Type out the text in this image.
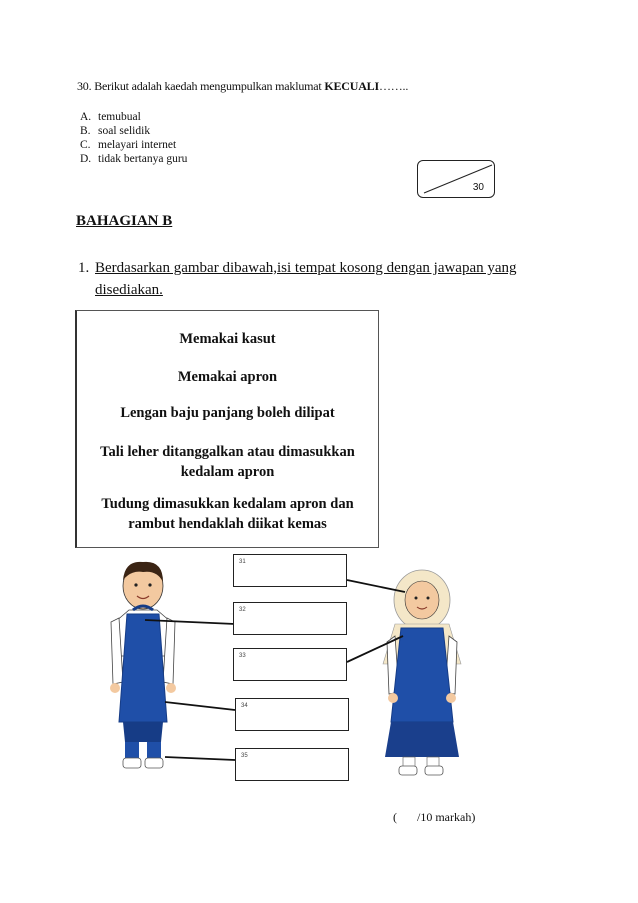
30. Berikut adalah kaedah mengumpulkan maklumat KECUALI……..
A. temubual
B. soal selidik
C. melayari internet
D. tidak bertanya guru
30
BAHAGIAN B
1. Berdasarkan gambar dibawah,isi tempat kosong dengan jawapan yang disediakan.
Memakai kasut
Memakai apron
Lengan baju panjang boleh dilipat
Tali leher ditanggalkan atau dimasukkan kedalam apron
Tudung dimasukkan kedalam apron dan rambut hendaklah diikat kemas
31
32
33
34
35
( /10 markah)
